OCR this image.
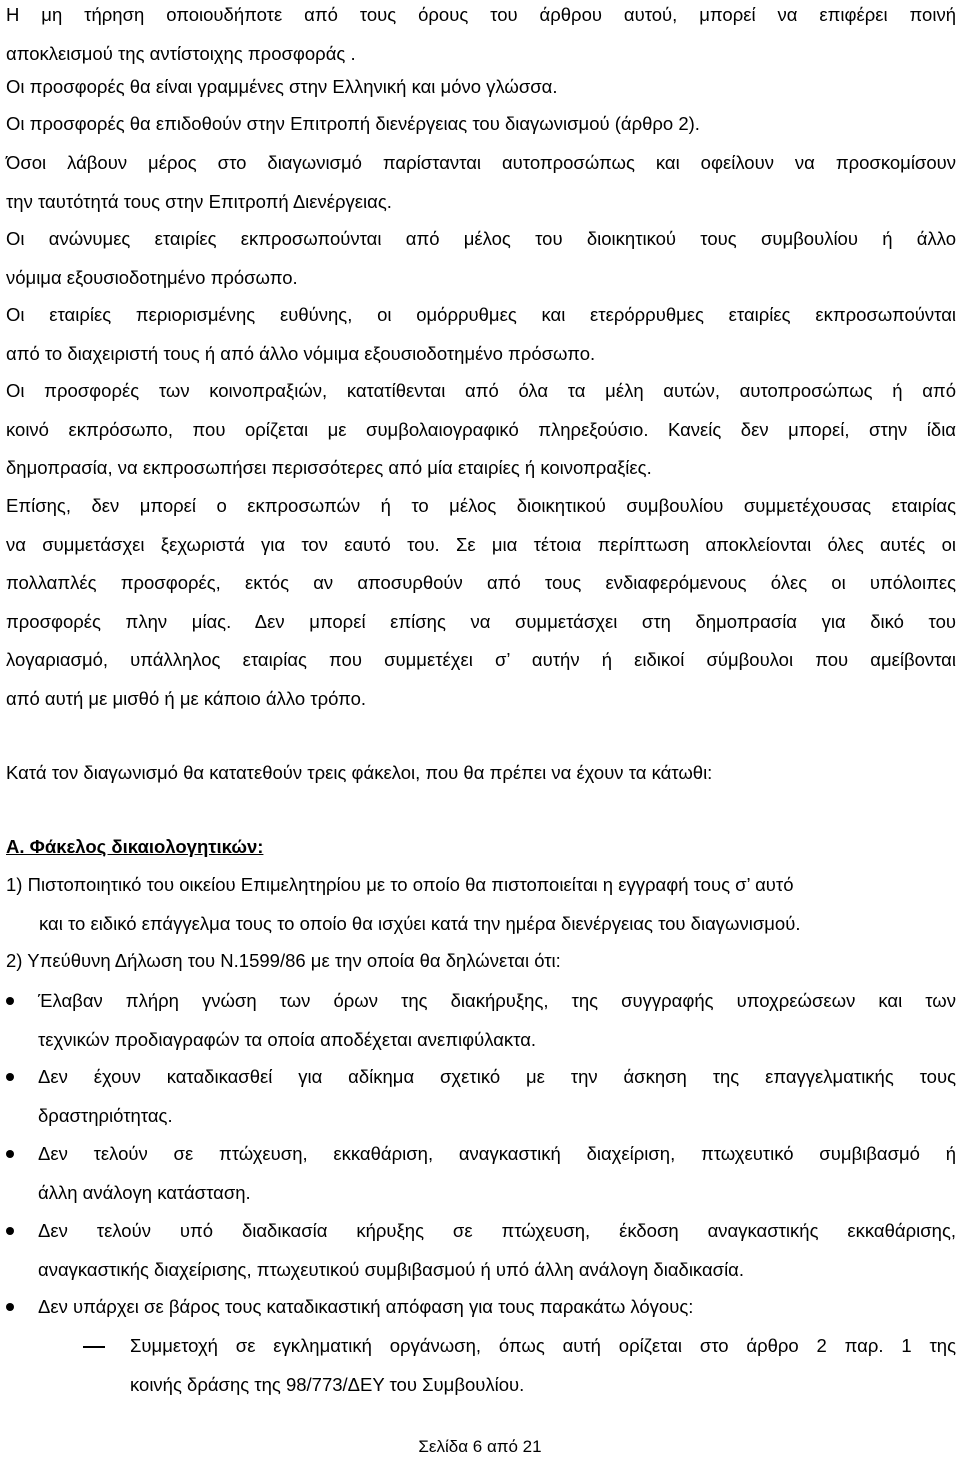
Η μη τήρηση οποιουδήποτε από τους όρους του άρθρου αυτού, μπορεί να επιφέρει ποινή
αποκλεισμού της αντίστοιχης προσφοράς .
Οι προσφορές θα είναι γραμμένες στην Ελληνική και μόνο γλώσσα.
Οι προσφορές θα επιδοθούν στην Επιτροπή διενέργειας του διαγωνισμού (άρθρο 2).
Όσοι λάβουν μέρος στο διαγωνισμό παρίστανται αυτοπροσώπως και οφείλουν να προσκομίσουν
την ταυτότητά τους στην Επιτροπή Διενέργειας.
Οι ανώνυμες εταιρίες εκπροσωπούνται από μέλος του διοικητικού τους συμβουλίου ή άλλο
νόμιμα εξουσιοδοτημένο πρόσωπο.
Οι εταιρίες περιορισμένης ευθύνης, οι ομόρρυθμες και ετερόρρυθμες εταιρίες εκπροσωπούνται
από το διαχειριστή τους ή από άλλο νόμιμα εξουσιοδοτημένο πρόσωπο.
Οι προσφορές των κοινοπραξιών, κατατίθενται από όλα τα μέλη αυτών, αυτοπροσώπως ή από
κοινό εκπρόσωπο, που ορίζεται με συμβολαιογραφικό πληρεξούσιο. Κανείς δεν μπορεί, στην ίδια
δημοπρασία, να εκπροσωπήσει περισσότερες από μία εταιρίες ή κοινοπραξίες.
Επίσης, δεν μπορεί ο εκπροσωπών ή το μέλος διοικητικού συμβουλίου συμμετέχουσας εταιρίας
να συμμετάσχει ξεχωριστά για τον εαυτό του. Σε μια τέτοια περίπτωση αποκλείονται όλες αυτές οι
πολλαπλές προσφορές, εκτός αν αποσυρθούν από τους ενδιαφερόμενους όλες οι υπόλοιπες
προσφορές πλην μίας. Δεν μπορεί επίσης να συμμετάσχει στη δημοπρασία για δικό του
λογαριασμό, υπάλληλος εταιρίας που συμμετέχει σ’ αυτήν ή ειδικοί σύμβουλοι που αμείβονται
από αυτή με μισθό ή με κάποιο άλλο τρόπο.
Κατά τον διαγωνισμό θα κατατεθούν τρεις φάκελοι, που θα πρέπει να έχουν τα κάτωθι:
Α. Φάκελος δικαιολογητικών:
1) Πιστοποιητικό του οικείου Επιμελητηρίου με το οποίο θα πιστοποιείται η εγγραφή τους σ’ αυτό
και το ειδικό επάγγελμα τους το οποίο θα ισχύει κατά την ημέρα διενέργειας του διαγωνισμού.
2) Υπεύθυνη Δήλωση του Ν.1599/86 με την οποία θα δηλώνεται ότι:
Έλαβαν πλήρη γνώση των όρων της διακήρυξης, της συγγραφής υποχρεώσεων και των
τεχνικών προδιαγραφών τα οποία αποδέχεται ανεπιφύλακτα.
Δεν έχουν καταδικασθεί για αδίκημα σχετικό με την άσκηση της επαγγελματικής τους
δραστηριότητας.
Δεν τελούν σε πτώχευση, εκκαθάριση, αναγκαστική διαχείριση, πτωχευτικό συμβιβασμό ή
άλλη ανάλογη κατάσταση.
Δεν τελούν υπό διαδικασία κήρυξης σε πτώχευση, έκδοση αναγκαστικής εκκαθάρισης,
αναγκαστικής διαχείρισης, πτωχευτικού συμβιβασμού ή υπό άλλη ανάλογη διαδικασία.
Δεν υπάρχει σε βάρος τους καταδικαστική απόφαση για τους παρακάτω λόγους:
Συμμετοχή σε εγκληματική οργάνωση, όπως αυτή ορίζεται στο άρθρο 2 παρ. 1 της
κοινής δράσης της 98/773/ΔΕΥ του Συμβουλίου.
Σελίδα 6 από 21
